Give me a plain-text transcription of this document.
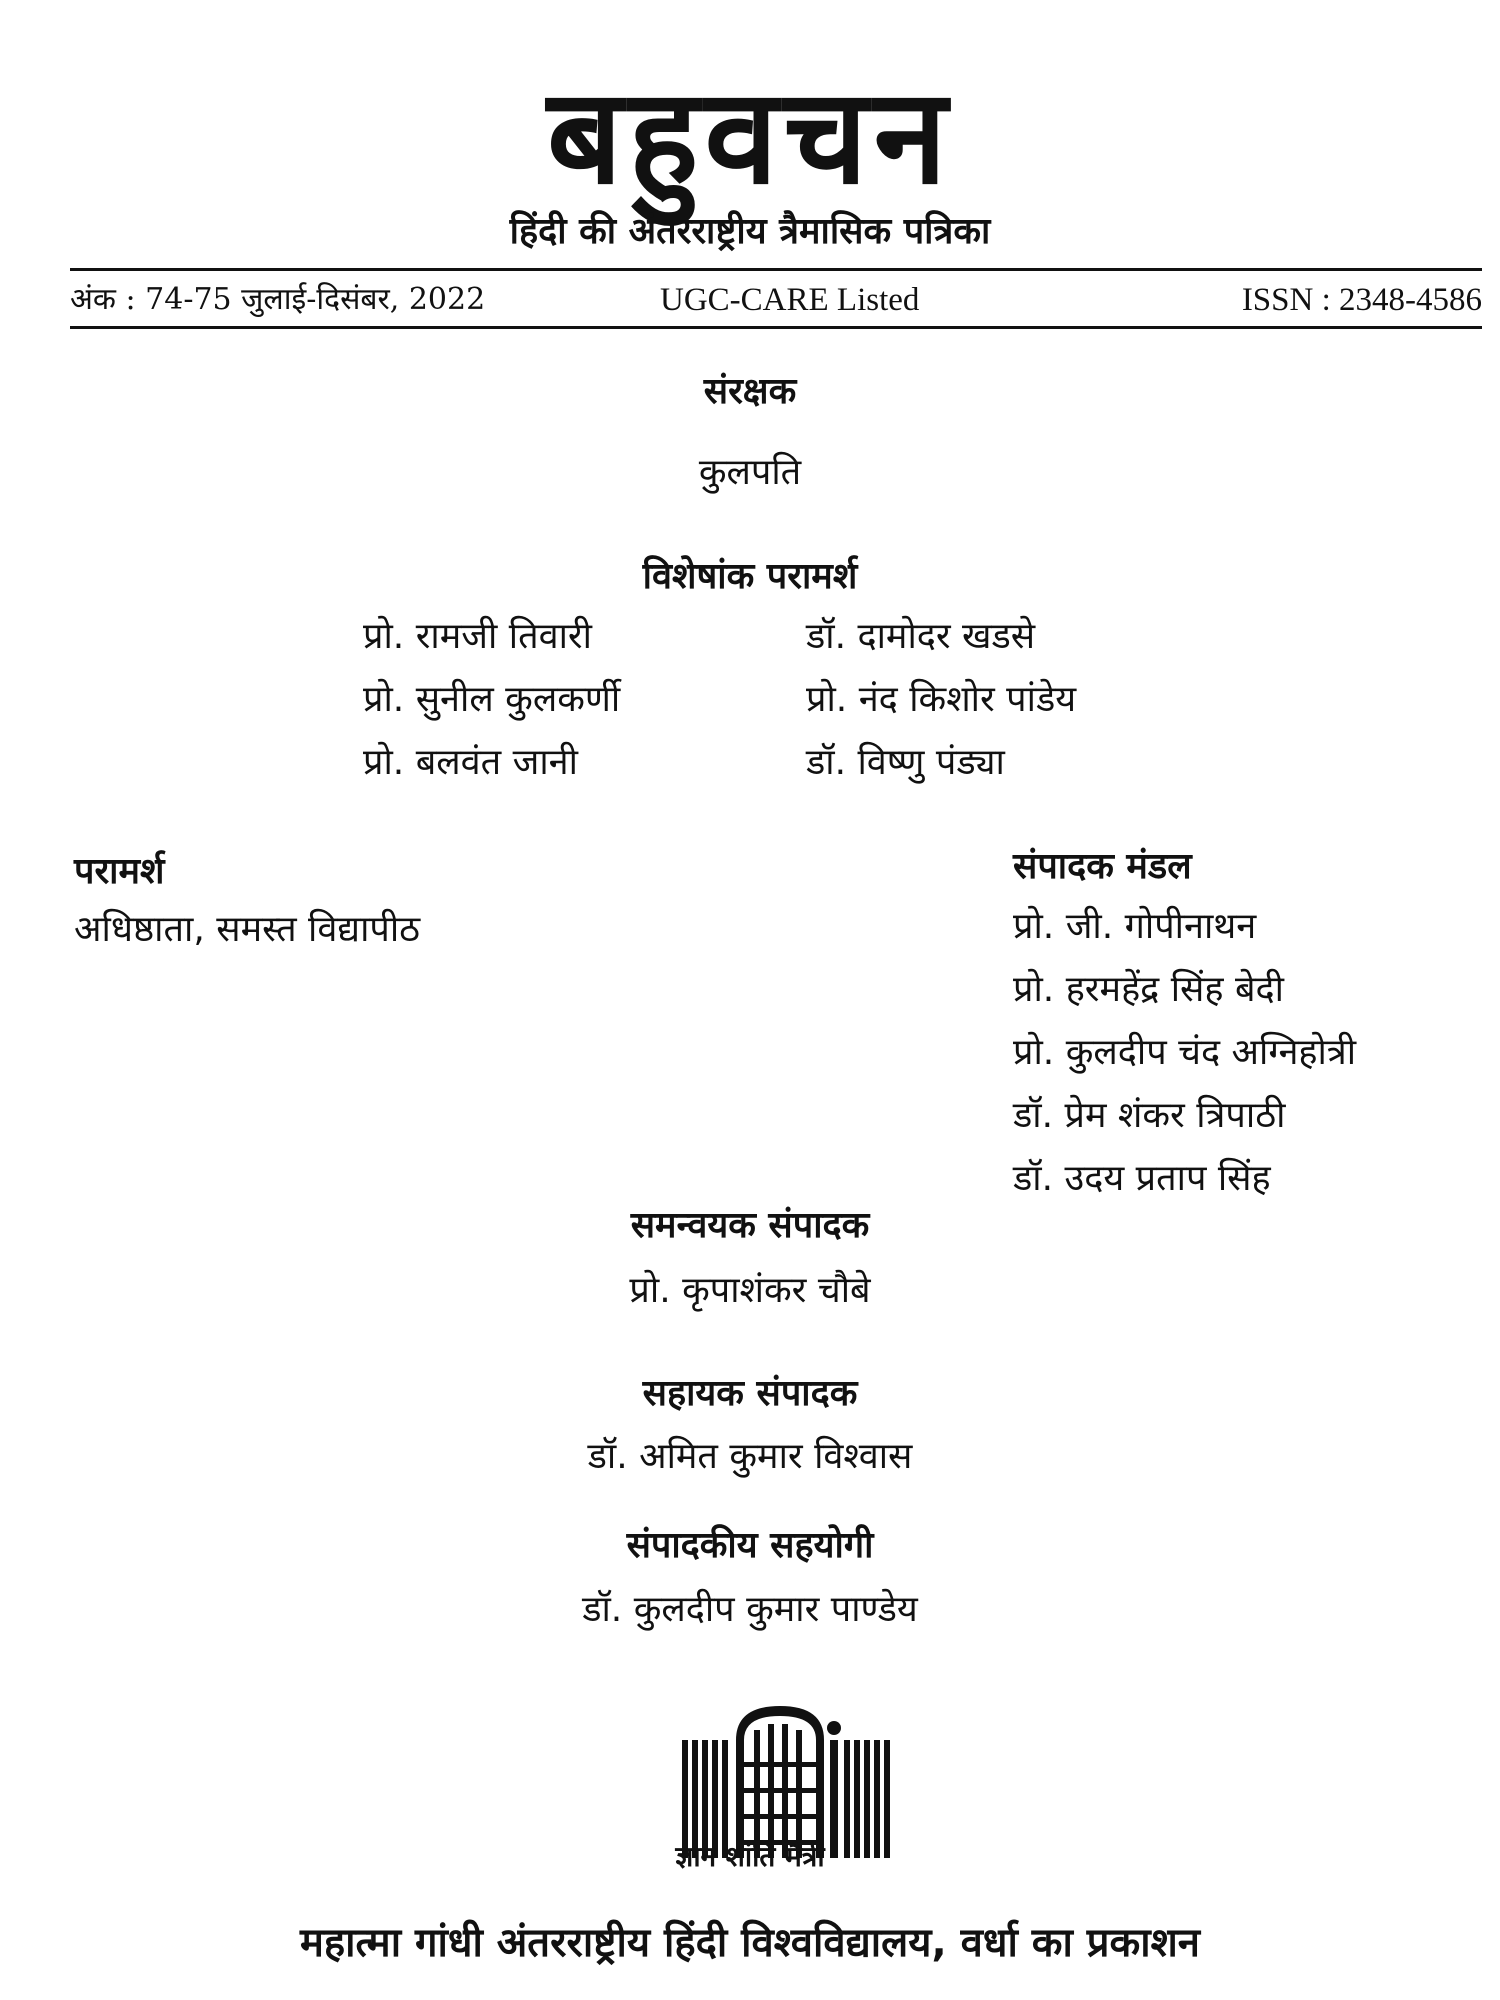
बहुवचन
हिंदी की अंतरराष्ट्रीय त्रैमासिक पत्रिका
अंक : 74-75 जुलाई-दिसंबर, 2022	UGC-CARE Listed	ISSN : 2348-4586
संरक्षक
कुलपति
विशेषांक परामर्श
प्रो. रामजी तिवारी
प्रो. सुनील कुलकर्णी
प्रो. बलवंत जानी
डॉ. दामोदर खडसे
प्रो. नंद किशोर पांडेय
डॉ. विष्णु पंड्या
परामर्श
अधिष्ठाता, समस्त विद्यापीठ
संपादक मंडल
प्रो. जी. गोपीनाथन
प्रो. हरमहेंद्र सिंह बेदी
प्रो. कुलदीप चंद अग्निहोत्री
डॉ. प्रेम शंकर त्रिपाठी
डॉ. उदय प्रताप सिंह
समन्वयक संपादक
प्रो. कृपाशंकर चौबे
सहायक संपादक
डॉ. अमित कुमार विश्वास
संपादकीय सहयोगी
डॉ. कुलदीप कुमार पाण्डेय
ज्ञान शांति मैत्री
महात्मा गांधी अंतरराष्ट्रीय हिंदी विश्वविद्यालय, वर्धा का प्रकाशन
